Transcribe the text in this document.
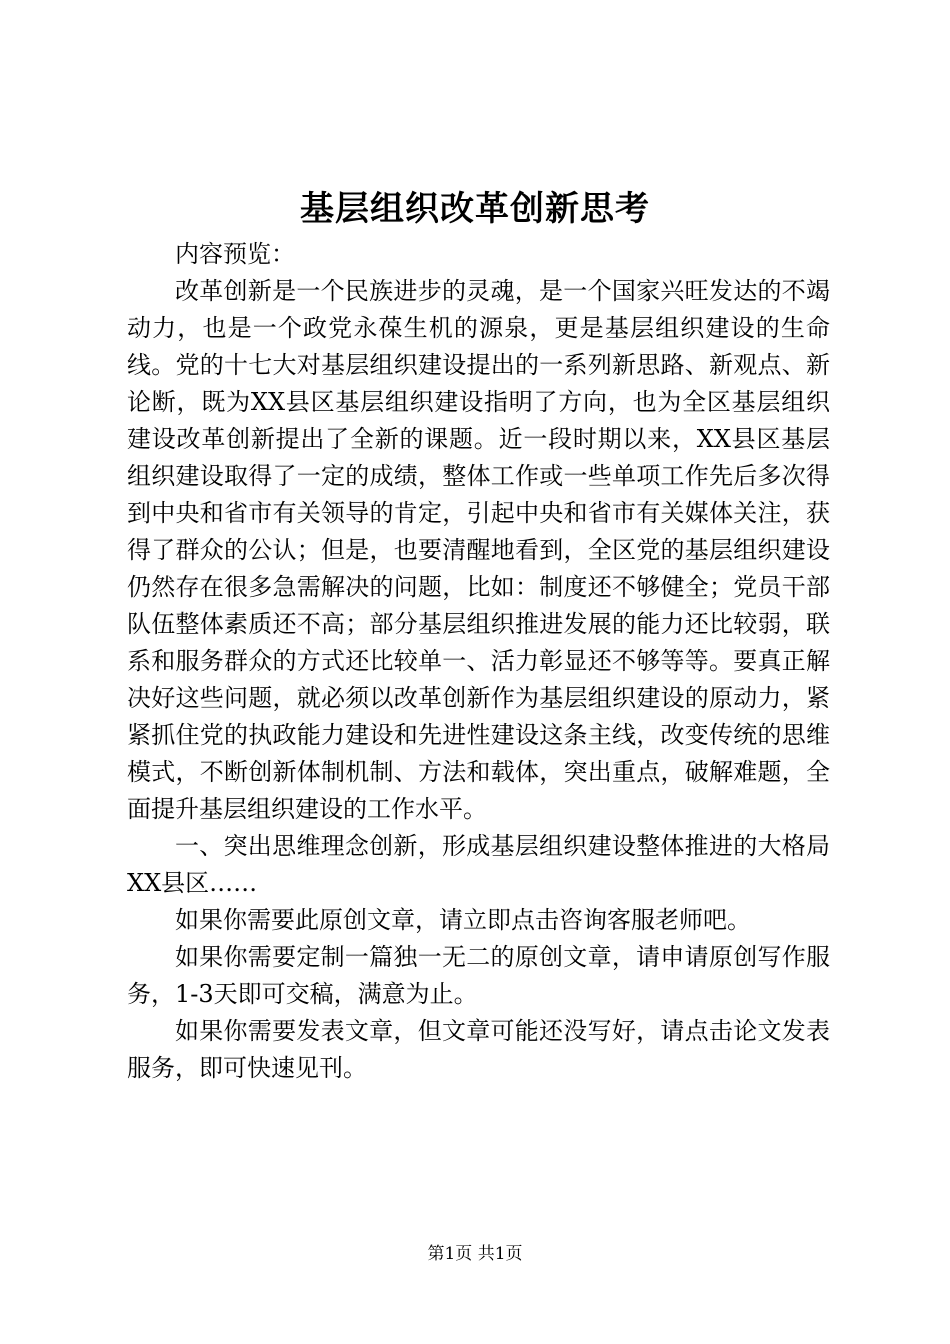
基层组织改革创新思考

内容预览：

改革创新是一个民族进步的灵魂，是一个国家兴旺发达的不竭动力，也是一个政党永葆生机的源泉，更是基层组织建设的生命线。党的十七大对基层组织建设提出的一系列新思路、新观点、新论断，既为XX县区基层组织建设指明了方向，也为全区基层组织建设改革创新提出了全新的课题。近一段时期以来，XX县区基层组织建设取得了一定的成绩，整体工作或一些单项工作先后多次得到中央和省市有关领导的肯定，引起中央和省市有关媒体关注，获得了群众的公认；但是，也要清醒地看到，全区党的基层组织建设仍然存在很多急需解决的问题，比如：制度还不够健全；党员干部队伍整体素质还不高；部分基层组织推进发展的能力还比较弱，联系和服务群众的方式还比较单一、活力彰显还不够等等。要真正解决好这些问题，就必须以改革创新作为基层组织建设的原动力，紧紧抓住党的执政能力建设和先进性建设这条主线，改变传统的思维模式，不断创新体制机制、方法和载体，突出重点，破解难题，全面提升基层组织建设的工作水平。

一、突出思维理念创新，形成基层组织建设整体推进的大格局XX县区……

如果你需要此原创文章，请立即点击咨询客服老师吧。

如果你需要定制一篇独一无二的原创文章，请申请原创写作服务，1-3天即可交稿，满意为止。

如果你需要发表文章，但文章可能还没写好，请点击论文发表服务，即可快速见刊。

第1页 共1页
